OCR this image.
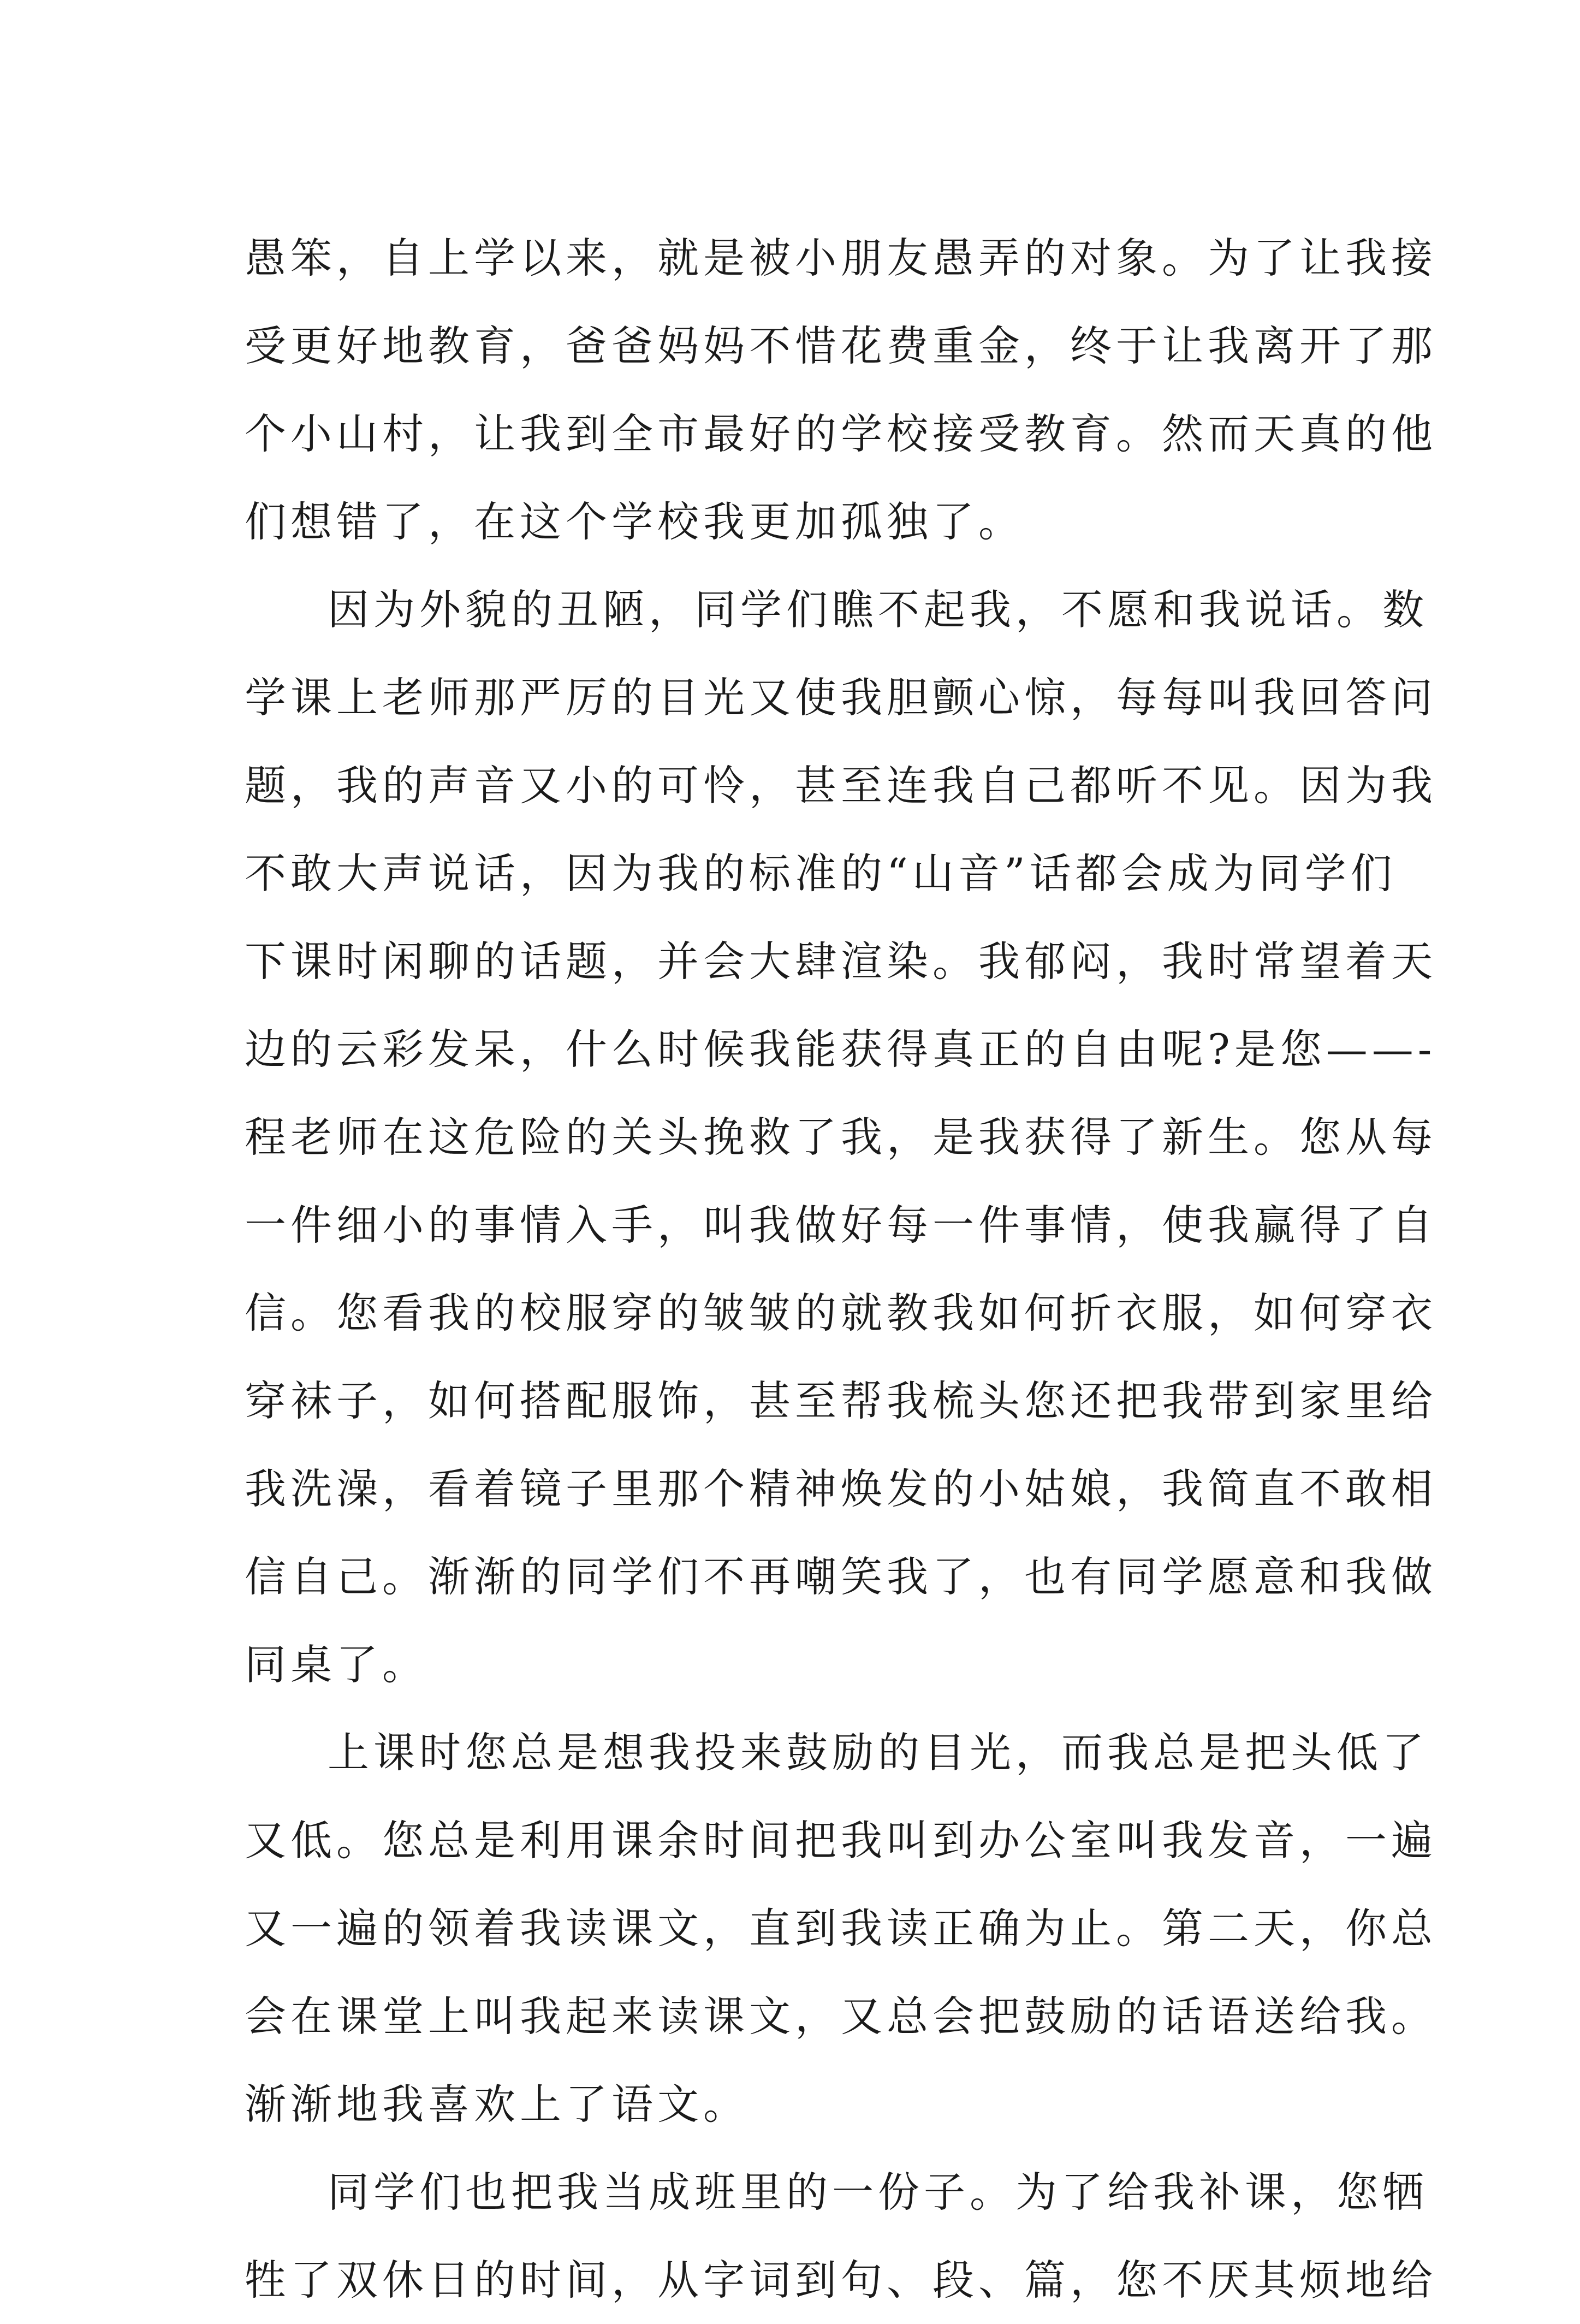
愚笨，自上学以来，就是被小朋友愚弄的对象。为了让我接
受更好地教育，爸爸妈妈不惜花费重金，终于让我离开了那
个小山村，让我到全市最好的学校接受教育。然而天真的他
们想错了，在这个学校我更加孤独了。
因为外貌的丑陋，同学们瞧不起我，不愿和我说话。数
学课上老师那严厉的目光又使我胆颤心惊，每每叫我回答问
题，我的声音又小的可怜，甚至连我自己都听不见。因为我
不敢大声说话，因为我的标准的“山音”话都会成为同学们
下课时闲聊的话题，并会大肆渲染。我郁闷，我时常望着天
边的云彩发呆，什么时候我能获得真正的自由呢?是您——-
程老师在这危险的关头挽救了我，是我获得了新生。您从每
一件细小的事情入手，叫我做好每一件事情，使我赢得了自
信。您看我的校服穿的皱皱的就教我如何折衣服，如何穿衣
穿袜子，如何搭配服饰，甚至帮我梳头您还把我带到家里给
我洗澡，看着镜子里那个精神焕发的小姑娘，我简直不敢相
信自己。渐渐的同学们不再嘲笑我了，也有同学愿意和我做
同桌了。
上课时您总是想我投来鼓励的目光，而我总是把头低了
又低。您总是利用课余时间把我叫到办公室叫我发音，一遍
又一遍的领着我读课文，直到我读正确为止。第二天，你总
会在课堂上叫我起来读课文，又总会把鼓励的话语送给我。
渐渐地我喜欢上了语文。
同学们也把我当成班里的一份子。为了给我补课，您牺
牲了双休日的时间，从字词到句、段、篇，您不厌其烦地给
